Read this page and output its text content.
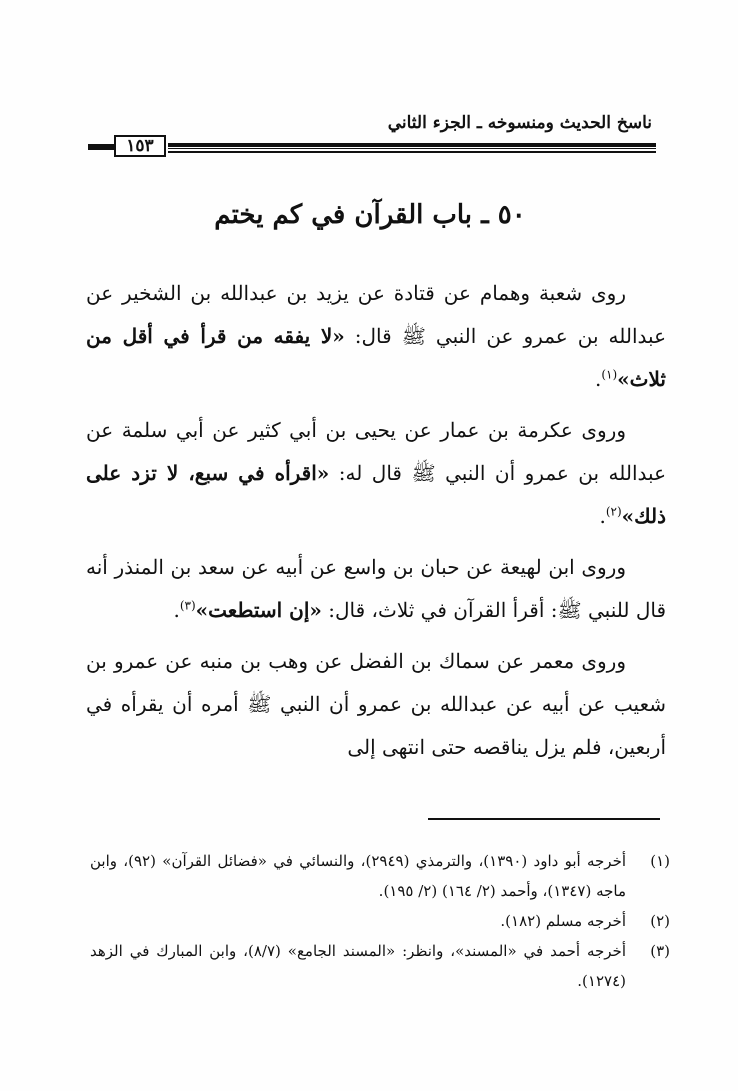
ناسخ الحديث ومنسوخه ـ الجزء الثاني
١٥٣
٥٠ ـ باب القرآن في كم يختم

روى شعبة وهمام عن قتادة عن يزيد بن عبدالله بن الشخير عن عبدالله بن عمرو عن النبي ﷺ قال: «لا يفقه من قرأ في أقل من ثلاث»$^{(١)}$.

وروى عكرمة بن عمار عن يحيى بن أبي كثير عن أبي سلمة عن عبدالله بن عمرو أن النبي ﷺ قال له: «اقرأه في سبع، لا تزد على ذلك»$^{(٢)}$.

وروى ابن لهيعة عن حبان بن واسع عن أبيه عن سعد بن المنذر أنه قال للنبي ﷺ: أقرأ القرآن في ثلاث، قال: «إن استطعت»$^{(٣)}$.

وروى معمر عن سماك بن الفضل عن وهب بن منبه عن عمرو بن شعيب عن أبيه عن عبدالله بن عمرو أن النبي ﷺ أمره أن يقرأه في أربعين، فلم يزل يناقصه حتى انتهى إلى

(١)
أخرجه أبو داود (١٣٩٠)، والترمذي (٢٩٤٩)، والنسائي في «فضائل القرآن» (٩٢)، وابن ماجه (١٣٤٧)، وأحمد (٢/ ١٦٤) (٢/ ١٩٥).
(٢)
أخرجه مسلم (١٨٢).
(٣)
أخرجه أحمد في «المسند»، وانظر: «المسند الجامع» (٨/٧)، وابن المبارك في الزهد (١٢٧٤).
